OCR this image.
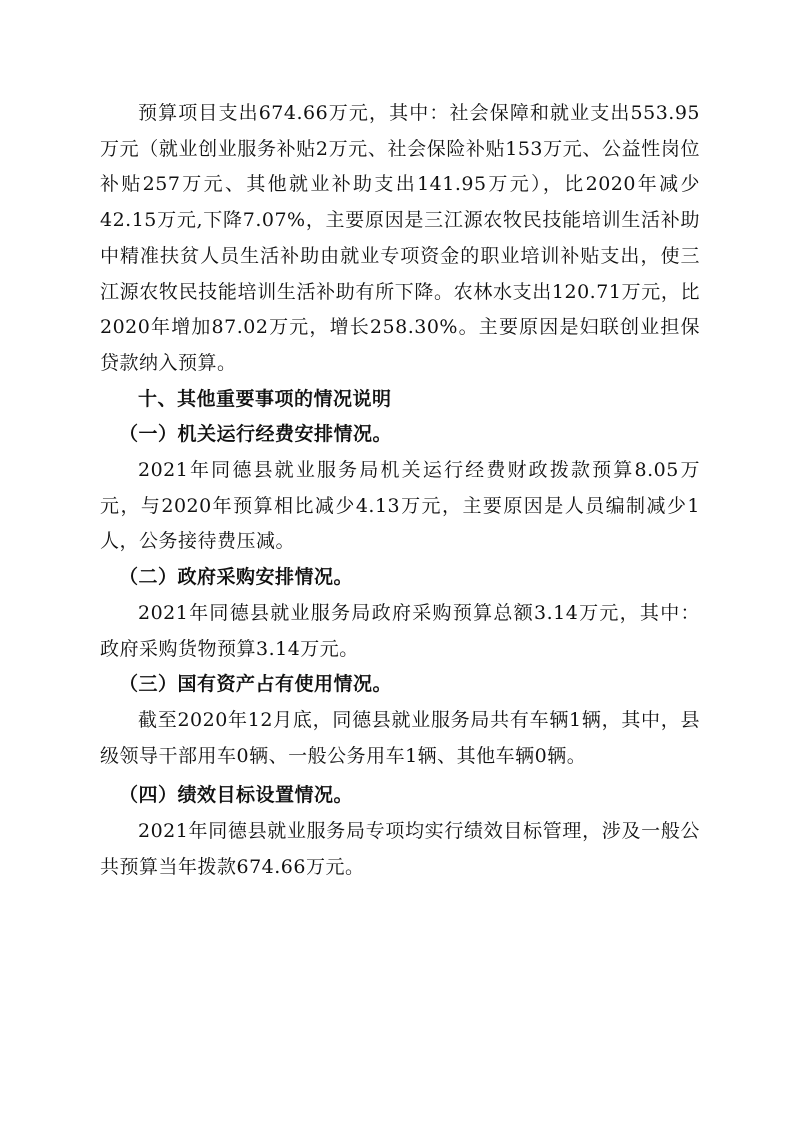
预算项目支出674.66万元，其中：社会保障和就业支出553.95万元（就业创业服务补贴2万元、社会保险补贴153万元、公益性岗位补贴257万元、其他就业补助支出141.95万元），比2020年减少42.15万元,下降7.07%，主要原因是三江源农牧民技能培训生活补助中精准扶贫人员生活补助由就业专项资金的职业培训补贴支出，使三江源农牧民技能培训生活补助有所下降。农林水支出120.71万元，比2020年增加87.02万元，增长258.30%。主要原因是妇联创业担保贷款纳入预算。

十、其他重要事项的情况说明

（一）机关运行经费安排情况。

2021年同德县就业服务局机关运行经费财政拨款预算8.05万元，与2020年预算相比减少4.13万元，主要原因是人员编制减少1人，公务接待费压减。

（二）政府采购安排情况。

2021年同德县就业服务局政府采购预算总额3.14万元，其中：政府采购货物预算3.14万元。

（三）国有资产占有使用情况。

截至2020年12月底，同德县就业服务局共有车辆1辆，其中，县级领导干部用车0辆、一般公务用车1辆、其他车辆0辆。

（四）绩效目标设置情况。

2021年同德县就业服务局专项均实行绩效目标管理，涉及一般公共预算当年拨款674.66万元。
